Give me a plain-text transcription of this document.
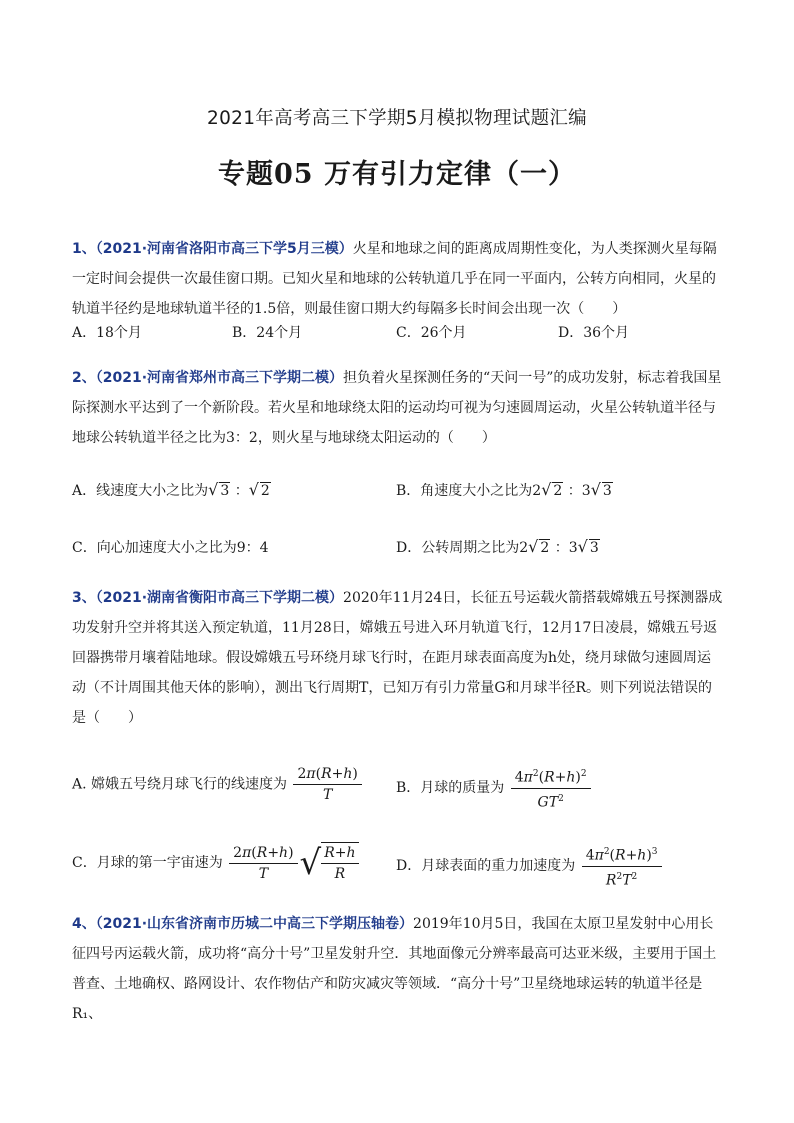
2021年高考高三下学期5月模拟物理试题汇编
专题05 万有引力定律（一）
1、（2021·河南省洛阳市高三下学5月三模）火星和地球之间的距离成周期性变化，为人类探测火星每隔一定时间会提供一次最佳窗口期。已知火星和地球的公转轨道几乎在同一平面内，公转方向相同，火星的轨道半径约是地球轨道半径的1.5倍，则最佳窗口期大约每隔多长时间会出现一次（　　）
A．18个月	B．24个月	C．26个月	D．36个月
2、（2021·河南省郑州市高三下学期二模）担负着火星探测任务的“天问一号”的成功发射，标志着我国星际探测水平达到了一个新阶段。若火星和地球绕太阳的运动均可视为匀速圆周运动，火星公转轨道半径与地球公转轨道半径之比为3：2，则火星与地球绕太阳运动的（　　）
A．线速度大小之比为√ 3 ：√ 2	B．角速度大小之比为2√ 2 ：3√ 3
C．向心加速度大小之比为9：4	D．公转周期之比为2√ 2 ：3√ 3
3、（2021·湖南省衡阳市高三下学期二模）2020年11月24日，长征五号运载火箭搭载嫦娥五号探测器成功发射升空并将其送入预定轨道，11月28日，嫦娥五号进入环月轨道飞行，12月17日凌晨，嫦娥五号返回器携带月壤着陆地球。假设嫦娥五号环绕月球飞行时，在距月球表面高度为h处，绕月球做匀速圆周运动（不计周围其他天体的影响），测出飞行周期T，已知万有引力常量G和月球半径R。则下列说法错误的是（　　）
A. 嫦娥五号绕月球飞行的线速度为 $\frac{2\pi(R+h)}{T}$ B．月球的质量为 $\frac{4\pi^2(R+h)^2}{GT^2}$
C．月球的第一宇宙速为 $\frac{2\pi(R+h)}{T}$ √ $\frac{R+h}{R}$	D．月球表面的重力加速度为 $\frac{4\pi^2(R+h)^3}{R^2T^2}$
4、（2021·山东省济南市历城二中高三下学期压轴卷）2019年10月5日，我国在太原卫星发射中心用长征四号丙运载火箭，成功将“高分十号”卫星发射升空．其地面像元分辨率最高可达亚米级，主要用于国土普查、土地确权、路网设计、农作物估产和防灾减灾等领域．“高分十号”卫星绕地球运转的轨道半径是R₁、
